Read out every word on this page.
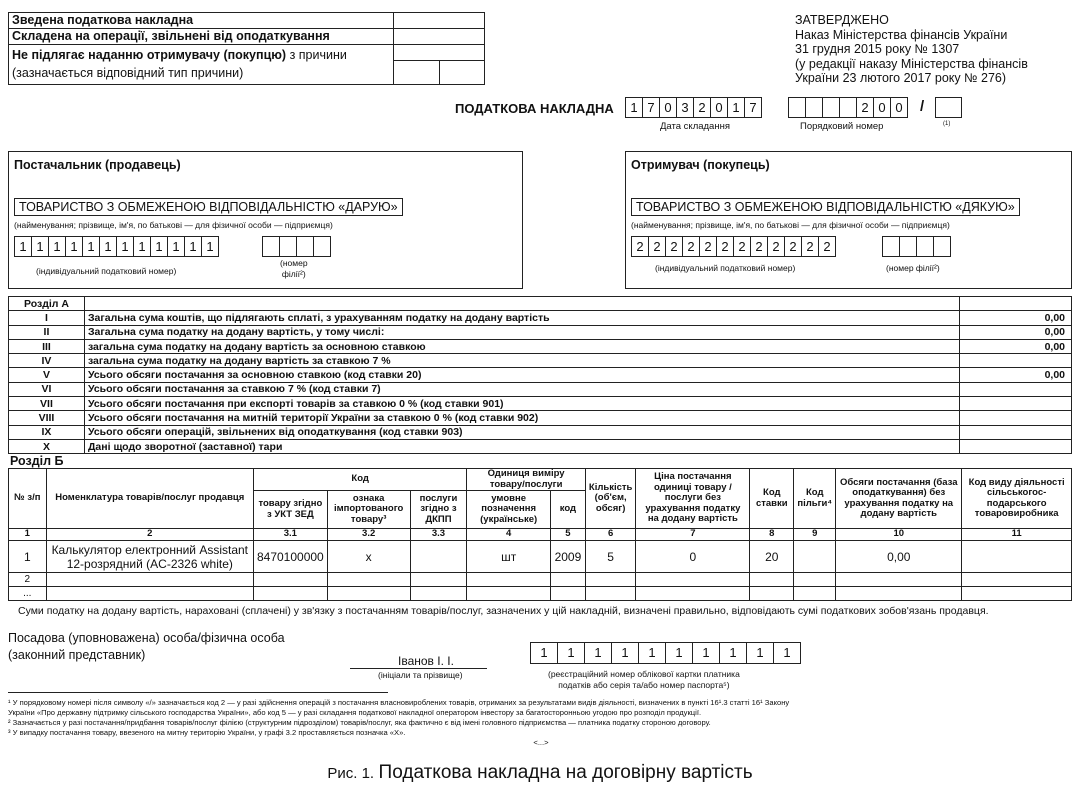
Зведена податкова накладна
Складена на операції, звільнені від оподаткування
Не підлягає наданню отримувачу (покупцю) з причини
(зазначається відповідний тип причини)
ЗАТВЕРДЖЕНО
Наказ Міністерства фінансів України
31 грудня 2015 року № 1307
(у редакції наказу Міністерства фінансів
України 23 лютого 2017 року № 276)
ПОДАТКОВА НАКЛАДНА	1 7 0 3 2 0 1 7
Дата складання
2 0 0	/
Порядковий номер	(1)
Постачальник (продавець)
ТОВАРИСТВО З ОБМЕЖЕНОЮ ВІДПОВІДАЛЬНІСТЮ «ДАРУЮ»
(найменування; прізвище, ім'я, по батькові — для фізичної особи — підприємця)
1 1 1 1 1 1 1 1 1 1 1 1
(індивідуальний податковий номер)
(номер
філії²)
Отримувач (покупець)
ТОВАРИСТВО З ОБМЕЖЕНОЮ ВІДПОВІДАЛЬНІСТЮ «ДЯКУЮ»
(найменування; прізвище, ім'я, по батькові — для фізичної особи — підприємця)
2 2 2 2 2 2 2 2 2 2 2 2
(індивідуальний податковий номер)	(номер філії²)
Розділ А		
I	Загальна сума коштів, що підлягають сплаті, з урахуванням податку на додану вартість	0,00
II	Загальна сума податку на додану вартість, у тому числі:	0,00
III	загальна сума податку на додану вартість за основною ставкою	0,00
IV	загальна сума податку на додану вартість за ставкою 7 %	
V	Усього обсяги постачання за основною ставкою (код ставки 20)	0,00
VI	Усього обсяги постачання за ставкою 7 % (код ставки 7)	
VII	Усього обсяги постачання при експорті товарів за ставкою 0 % (код ставки 901)	
VIII	Усього обсяги постачання на митній території України за ставкою 0 % (код ставки 902)	
IX	Усього обсяги операцій, звільнених від оподаткування (код ставки 903)	
X	Дані щодо зворотної (заставної) тари	
Розділ Б
№ з/п	Номенклатура товарів/послуг продавця	Код			Одиниця виміру товару/послуги		Кількість (об'єм, обсяг)	Ціна постачання одиниці товару / послуги без урахування податку на додану вартість	Код ставки	Код пільги⁴	Обсяги постачання (база оподаткування) без урахування податку на додану вартість	Код виду діяльності сільськогос-подарського товаровиробника
		товару згідно з УКТ ЗЕД	ознака імпортованого товару³	послуги згідно з ДКПП	умовне позначення (українське)	код						
1	2	3.1	3.2	3.3	4	5	6	7	8	9	10	11
1	Калькулятор електронний Assistant
12-розрядний (AC-2326 white)	8470100000	x		шт	2009	5	0	20		0,00	
2												
...												
Суми податку на додану вартість, нараховані (сплачені) у зв'язку з постачанням товарів/послуг, зазначених у цій накладній, визначені правильно, відповідають сумі податкових зобов'язань продавця.
Посадова (уповноважена) особа/фізична особа
(законний представник)	Іванов І. І.
(ініціали та прізвище)
1	1	1	1	1	1	1	1	1	1
(реєстраційний номер облікової картки платника
податків або серія та/або номер паспорта⁵)
¹ У порядковому номері після символу «/» зазначається код 2 — у разі здійснення операцій з постачання власновироблених товарів, отриманих за результатами видів діяльності, визначених в пункті 16¹.3 статті 16¹ Закону
України «Про державну підтримку сільського господарства України», або код 5 — у разі складання податкової накладної оператором інвестору за багатосторонньою угодою про розподіл продукції.
² Зазначається у разі постачання/придбання товарів/послуг філією (структурним підрозділом) товарів/послуг, яка фактично є від імені головного підприємства — платника податку стороною договору.
³ У випадку постачання товару, ввезеного на митну територію України, у графі 3.2 проставляється позначка «Х».
<...>
Рис. 1. Податкова накладна на договірну вартість
